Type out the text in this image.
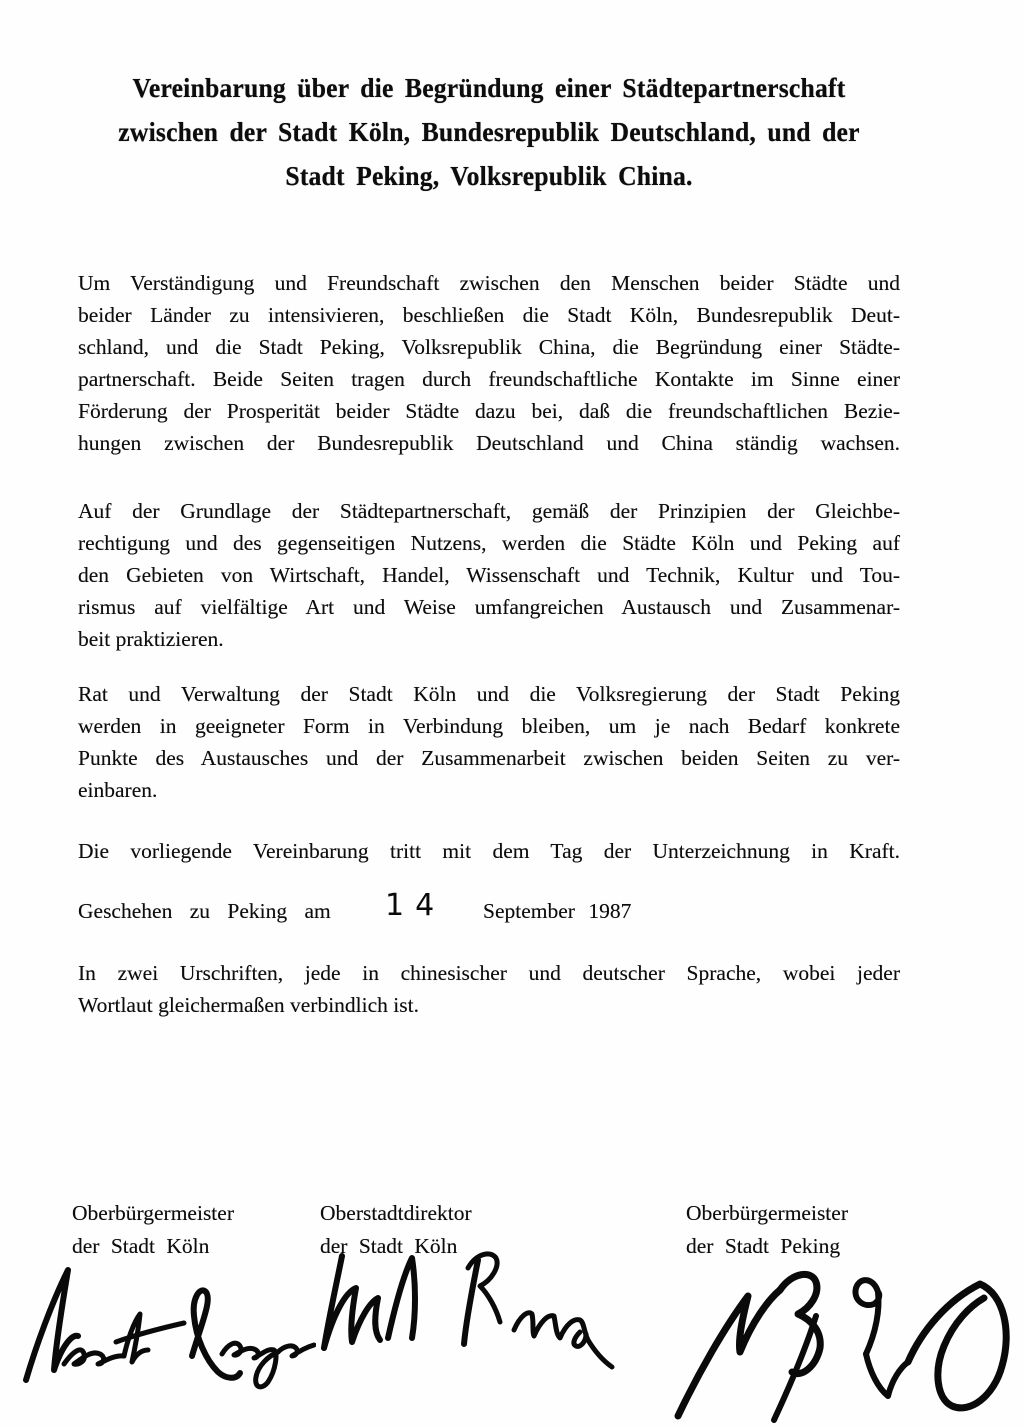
Vereinbarung über die Begründung einer Städtepartnerschaft
zwischen der Stadt Köln, Bundesrepublik Deutschland, und der
Stadt Peking, Volksrepublik China.
Um Verständigung und Freundschaft zwischen den Menschen beider Städte und
beider Länder zu intensivieren, beschließen die Stadt Köln, Bundesrepublik Deut-
schland, und die Stadt Peking, Volksrepublik China, die Begründung einer Städte-
partnerschaft. Beide Seiten tragen durch freundschaftliche Kontakte im Sinne einer
Förderung der Prosperität beider Städte dazu bei, daß die freundschaftlichen Bezie-
hungen zwischen der Bundesrepublik Deutschland und China ständig wachsen.
Auf der Grundlage der Städtepartnerschaft, gemäß der Prinzipien der Gleichbe-
rechtigung und des gegenseitigen Nutzens, werden die Städte Köln und Peking auf
den Gebieten von Wirtschaft, Handel, Wissenschaft und Technik, Kultur und Tou-
rismus auf vielfältige Art und Weise umfangreichen Austausch und Zusammenar-
beit praktizieren.
Rat und Verwaltung der Stadt Köln und die Volksregierung der Stadt Peking
werden in geeigneter Form in Verbindung bleiben, um je nach Bedarf konkrete
Punkte des Austausches und der Zusammenarbeit zwischen beiden Seiten zu ver-
einbaren.
Die vorliegende Vereinbarung tritt mit dem Tag der Unterzeichnung in Kraft.
Geschehen zu Peking am 14 September 1987
In zwei Urschriften, jede in chinesischer und deutscher Sprache, wobei jeder
Wortlaut gleichermaßen verbindlich ist.
Oberbürgermeister
der Stadt Köln
Oberstadtdirektor
der Stadt Köln
Oberbürgermeister
der Stadt Peking
